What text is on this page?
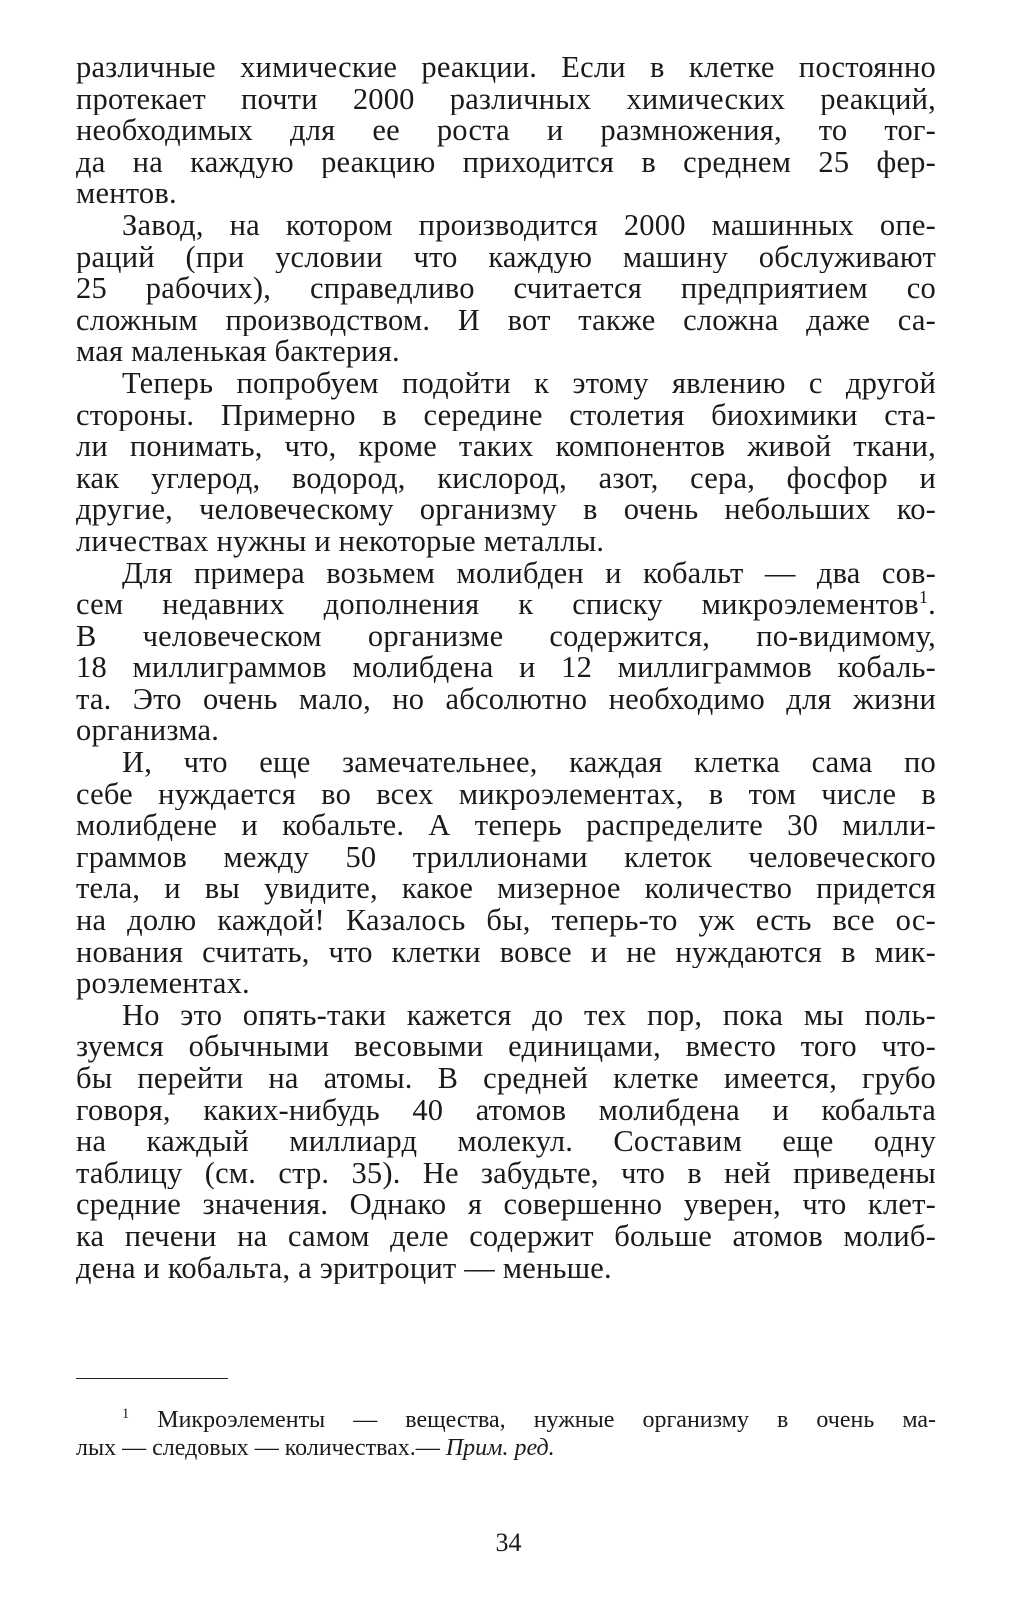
различные химические реакции. Если в клетке постоянно
протекает почти 2000 различных химических реакций,
необходимых для ее роста и размножения, то тог-
да на каждую реакцию приходится в среднем 25 фер-
ментов.
Завод, на котором производится 2000 машинных опе-
раций (при условии что каждую машину обслуживают
25 рабочих), справедливо считается предприятием со
сложным производством. И вот также сложна даже са-
мая маленькая бактерия.
Теперь попробуем подойти к этому явлению с другой
стороны. Примерно в середине столетия биохимики ста-
ли понимать, что, кроме таких компонентов живой ткани,
как углерод, водород, кислород, азот, сера, фосфор и
другие, человеческому организму в очень небольших ко-
личествах нужны и некоторые металлы.
Для примера возьмем молибден и кобальт — два сов-
сем недавних дополнения к списку микроэлементов$^1$.
В человеческом организме содержится, по-видимому,
18 миллиграммов молибдена и 12 миллиграммов кобаль-
та. Это очень мало, но абсолютно необходимо для жизни
организма.
И, что еще замечательнее, каждая клетка сама по
себе нуждается во всех микроэлементах, в том числе в
молибдене и кобальте. А теперь распределите 30 милли-
граммов между 50 триллионами клеток человеческого
тела, и вы увидите, какое мизерное количество придется
на долю каждой! Казалось бы, теперь-то уж есть все ос-
нования считать, что клетки вовсе и не нуждаются в мик-
роэлементах.
Но это опять-таки кажется до тех пор, пока мы поль-
зуемся обычными весовыми единицами, вместо того что-
бы перейти на атомы. В средней клетке имеется, грубо
говоря, каких-нибудь 40 атомов молибдена и кобальта
на каждый миллиард молекул. Составим еще одну
таблицу (см. стр. 35). Не забудьте, что в ней приведены
средние значения. Однако я совершенно уверен, что клет-
ка печени на самом деле содержит больше атомов молиб-
дена и кобальта, а эритроцит — меньше.
$^1$ Микроэлементы — вещества, нужные организму в очень ма-
лых — следовых — количествах.— Прим. ред.
34
